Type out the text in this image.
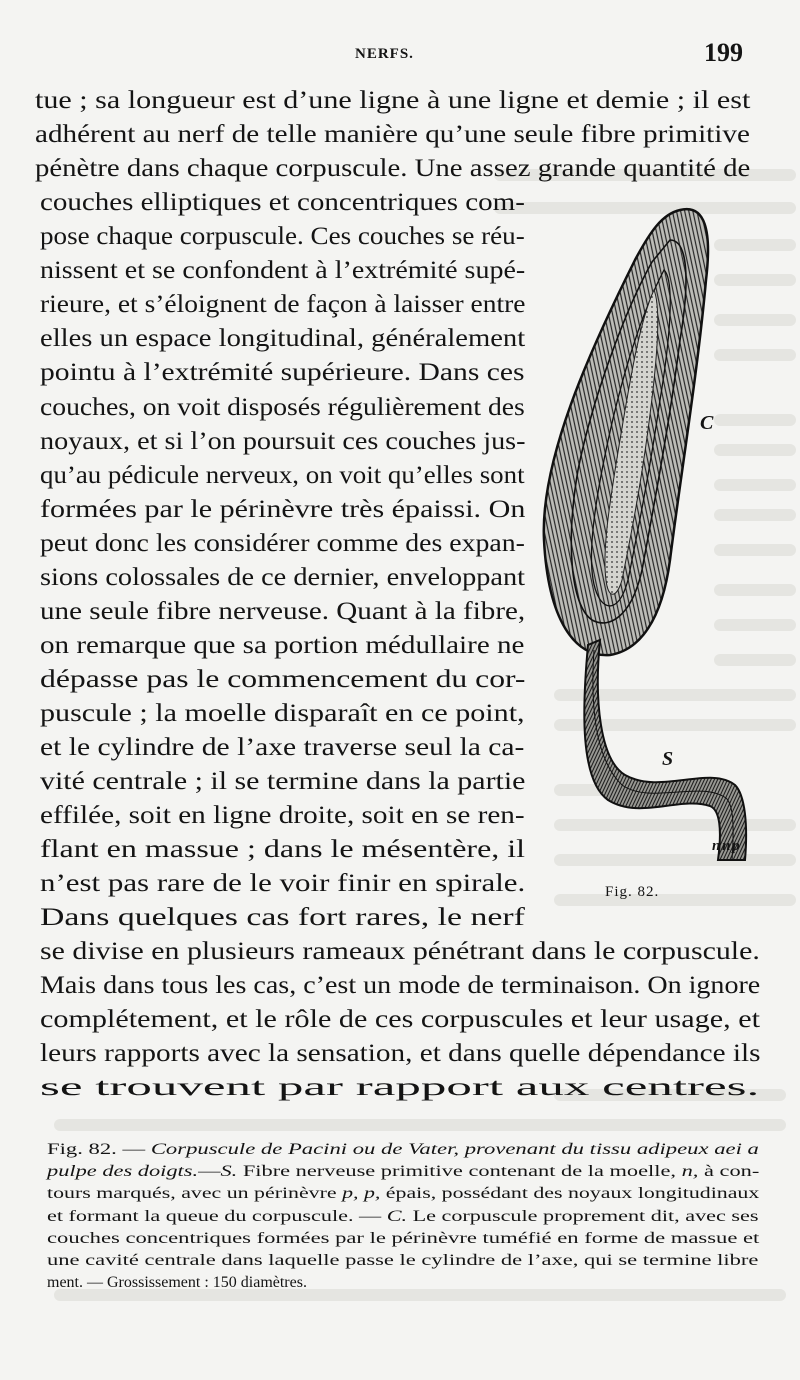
NERFS.	199
tue ; sa longueur est d’une ligne à une ligne et demie ; il est
adhérent au nerf de telle manière qu’une seule fibre primitive
pénètre dans chaque corpuscule. Une assez grande quantité de
couches elliptiques et concentriques com-
pose chaque corpuscule. Ces couches se réu-
nissent et se confondent à l’extrémité supé-
rieure, et s’éloignent de façon à laisser entre
elles un espace longitudinal, généralement
pointu à l’extrémité supérieure. Dans ces
couches, on voit disposés régulièrement des
noyaux, et si l’on poursuit ces couches jus-
qu’au pédicule nerveux, on voit qu’elles sont
formées par le périnèvre très épaissi. On
peut donc les considérer comme des expan-
sions colossales de ce dernier, enveloppant
une seule fibre nerveuse. Quant à la fibre,
on remarque que sa portion médullaire ne
dépasse pas le commencement du cor-
puscule ; la moelle disparaît en ce point,
et le cylindre de l’axe traverse seul la ca-
vité centrale ; il se termine dans la partie
effilée, soit en ligne droite, soit en se ren-
flant en massue ; dans le mésentère, il
n’est pas rare de le voir finir en spirale.
Dans quelques cas fort rares, le nerf
se divise en plusieurs rameaux pénétrant dans le corpuscule.
Mais dans tous les cas, c’est un mode de terminaison. On ignore
complétement, et le rôle de ces corpuscules et leur usage, et
leurs rapports avec la sensation, et dans quelle dépendance ils
se trouvent par rapport aux centres.
C
S
n n p
Fig. 82.
Fig. 82. — Corpuscule de Pacini ou de Vater, provenant du tissu adipeux aei a
pulpe des doigts.—S. Fibre nerveuse primitive contenant de la moelle, n, à con-
tours marqués, avec un périnèvre p, p, épais, possédant des noyaux longitudinaux
et formant la queue du corpuscule. — C. Le corpuscule proprement dit, avec ses
couches concentriques formées par le périnèvre tuméfié en forme de massue et
une cavité centrale dans laquelle passe le cylindre de l’axe, qui se termine libre
ment. — Grossissement : 150 diamètres.
